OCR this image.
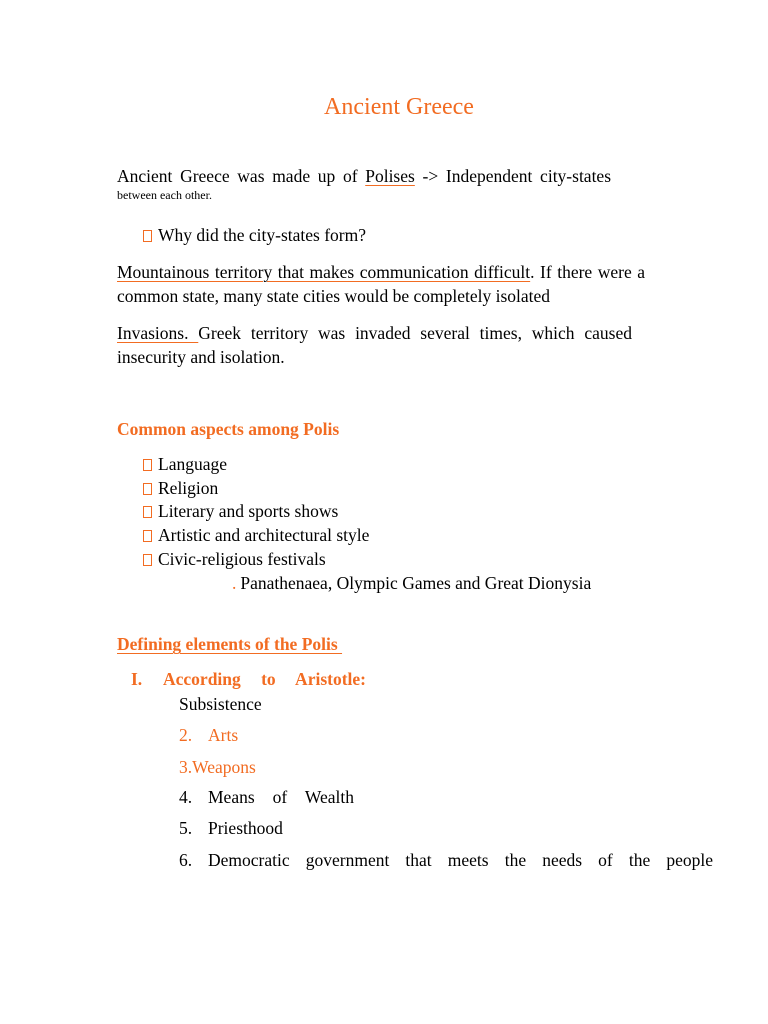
Ancient Greece
Ancient Greece was made up of Polises -> Independent city-states
between each other.
Why did the city-states form?
Mountainous territory that makes communication difficult. If there were a
common state, many state cities would be completely isolated
Invasions. Greek territory was invaded several times, which caused
insecurity and isolation.
Common aspects among Polis
Language
Religion
Literary and sports shows
Artistic and architectural style
Civic-religious festivals
. Panathenaea, Olympic Games and Great Dionysia
Defining elements of the Polis
I. According to Aristotle:
Subsistence
2. Arts
3.Weapons
4. Means of Wealth
5. Priesthood
6. Democratic government that meets the needs of the people
